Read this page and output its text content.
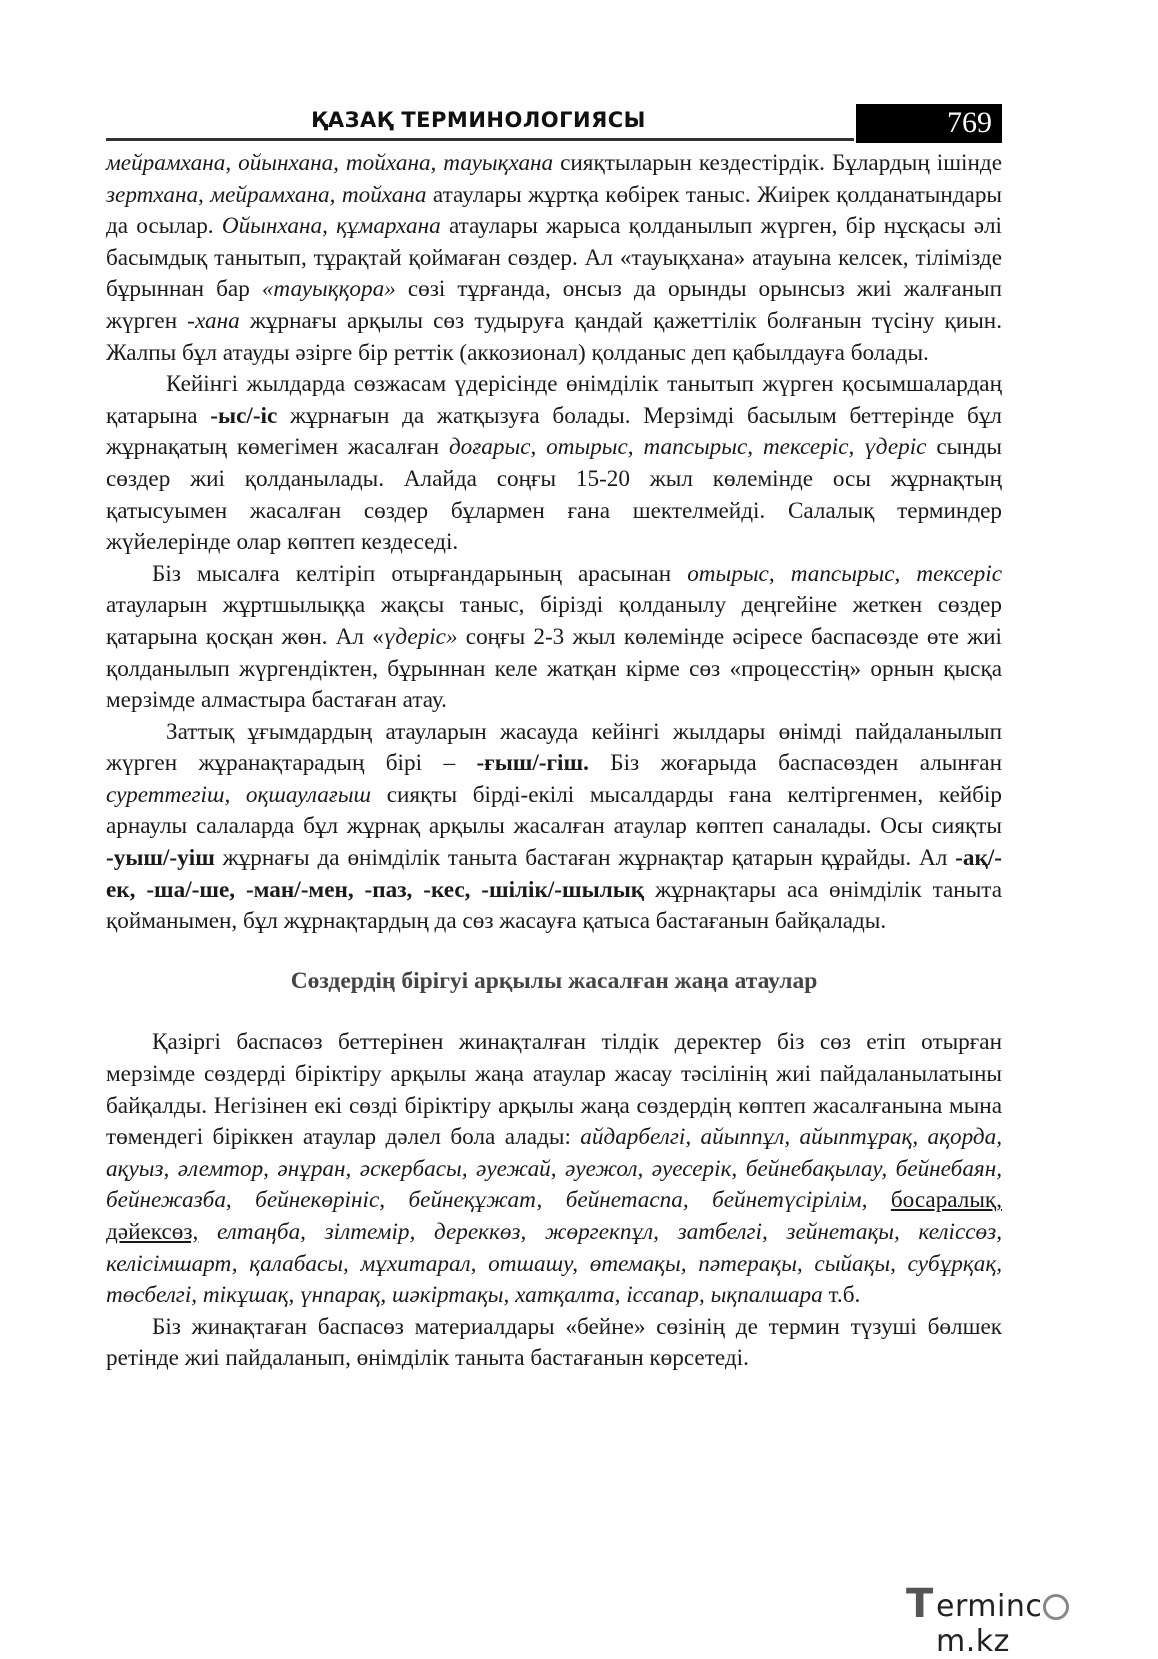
ҚАЗАҚ ТЕРМИНОЛОГИЯСЫ	769

мейрамхана, ойынхана, тойхана, тауықхана сияқтыларын кездестірдік. Бұлардың ішінде зертхана, мейрамхана, тойхана атаулары жұртқа көбірек таныс. Жиірек қолданатындары да осылар. Ойынхана, құмархана атаулары жарыса қолданылып жүрген, бір нұсқасы әлі басымдық танытып, тұрақтай қоймаған сөздер. Ал «тауықхана» атауына келсек, тілімізде бұрыннан бар «тауыққора» сөзі тұрғанда, онсыз да орынды орынсыз жиі жалғанып жүрген -хана жұрнағы арқылы сөз тудыруға қандай қажеттілік болғанын түсіну қиын. Жалпы бұл атауды әзірге бір реттік (аккозионал) қолданыс деп қабылдауға болады.

Кейінгі жылдарда сөзжасам үдерісінде өнімділік танытып жүрген қосымшалардаң қатарына -ыс/-іс жұрнағын да жатқызуға болады. Мерзімді басылым беттерінде бұл жұрнақатың көмегімен жасалған доғарыс, отырыс, тапсырыс, тексеріс, үдеріс сынды сөздер жиі қолданылады. Алайда соңғы 15-20 жыл көлемінде осы жұрнақтың қатысуымен жасалған сөздер бұлармен ғана шектелмейді. Салалық терминдер жүйелерінде олар көптеп кездеседі.

Біз мысалға келтіріп отырғандарының арасынан отырыс, тапсырыс, тексеріс атауларын жұртшылыққа жақсы таныс, бірізді қолданылу деңгейіне жеткен сөздер қатарына қосқан жөн. Ал «үдеріс» соңғы 2-3 жыл көлемінде әсіресе баспасөзде өте жиі қолданылып жүргендіктен, бұрыннан келе жатқан кірме сөз «процесстің» орнын қысқа мерзімде алмастыра бастаған атау.

Заттық ұғымдардың атауларын жасауда кейінгі жылдары өнімді пайдаланылып жүрген жұранақтарадың бірі – -ғыш/-гіш. Біз жоғарыда баспасөзден алынған суреттегіш, оқшаулағыш сияқты бірді-екілі мысалдарды ғана келтіргенмен, кейбір арнаулы салаларда бұл жұрнақ арқылы жасалған атаулар көптеп саналады. Осы сияқты -уыш/-уіш жұрнағы да өнімділік таныта бастаған жұрнақтар қатарын құрайды. Ал -ақ/-ек, -ша/-ше, -ман/-мен, -паз, -кес, -шілік/-шылық жұрнақтары аса өнімділік таныта қойманымен, бұл жұрнақтардың да сөз жасауға қатыса бастағанын байқалады.

Сөздердің бірігуі арқылы жасалған жаңа атаулар

Қазіргі баспасөз беттерінен жинақталған тілдік деректер біз сөз етіп отырған мерзімде сөздерді біріктіру арқылы жаңа атаулар жасау тәсілінің жиі пайдаланылатыны байқалды. Негізінен екі сөзді біріктіру арқылы жаңа сөздердің көптеп жасалғанына мына төмендегі біріккен атаулар дәлел бола алады: айдарбелгі, айыппұл, айыптұрақ, ақорда, ақуыз, әлемтор, әнұран, әскербасы, әуежай, әуежол, әуесерік, бейнебақылау, бейнебаян, бейнежазба, бейнекөрініс, бейнеқұжат, бейнетаспа, бейнетүсірілім, босаралық, дәйексөз, елтаңба, зілтемір, дереккөз, жөргекпұл, затбелгі, зейнетақы, келіссөз, келісімшарт, қалабасы, мұхитарал, отшашу, өтемақы, пәтерақы, сыйақы, субұрқақ, төсбелгі, тікұшақ, үнпарақ, шәкіртақы, хатқалта, іссапар, ықпалшара т.б.

Біз жинақтаған баспасөз материалдары «бейне» сөзінің де термин түзуші бөлшек ретінде жиі пайдаланып, өнімділік таныта бастағанын көрсетеді.

T ermincm.kz
